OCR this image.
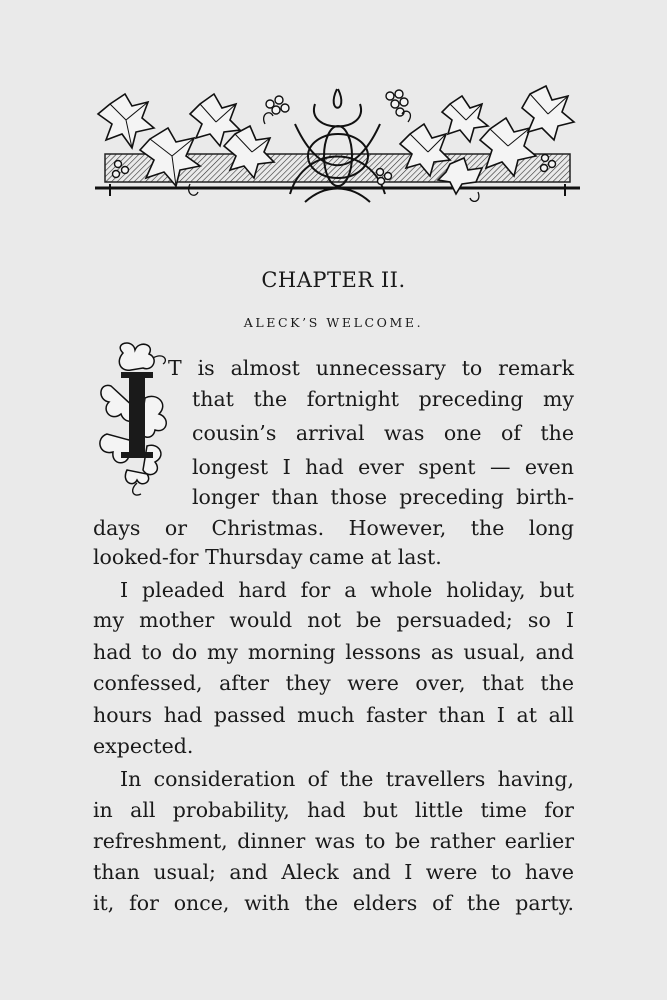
CHAPTER II.
ALECK’S WELCOME.
T is almost unnecessary to remark
that the fortnight preceding my
cousin’s arrival was one of the
longest I had ever spent — even
longer than those preceding birth-
days or Christmas. However, the long
looked-for Thursday came at last.
I pleaded hard for a whole holiday, but
my mother would not be persuaded; so I
had to do my morning lessons as usual, and
confessed, after they were over, that the
hours had passed much faster than I at all
expected.
In consideration of the travellers having,
in all probability, had but little time for
refreshment, dinner was to be rather earlier
than usual; and Aleck and I were to have
it, for once, with the elders of the party.
